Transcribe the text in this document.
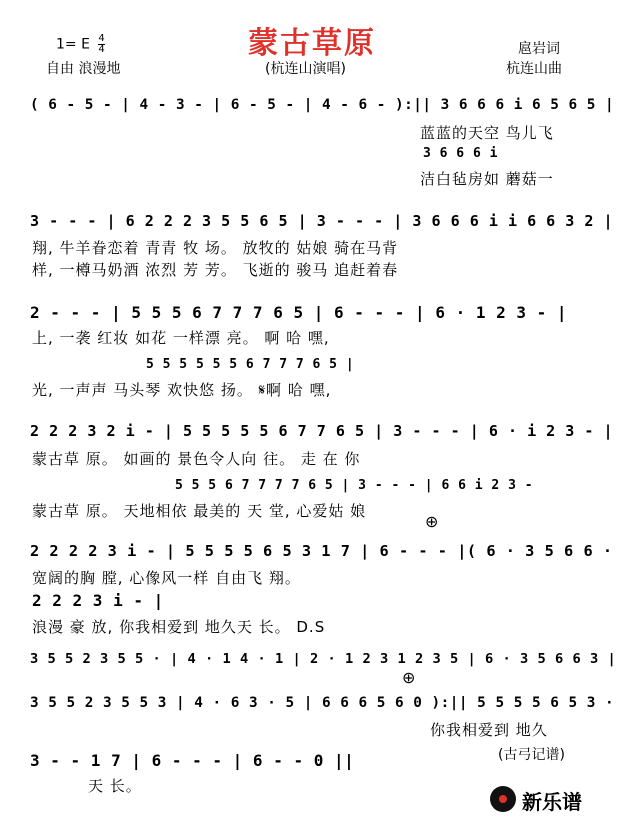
1= E $\frac{4}{4}$	蒙古草原	扈岩词
自由 浪漫地	(杭连山演唱)	杭连山曲
( 6 - 5 - | 4 - 3 - | 6 - 5 - | 4 - 6 - ):|| 3 6 6 6 i 6 5 6 5 |
蓝蓝的天空 鸟儿飞
3 6 6 6 i
洁白毡房如 蘑菇一
3 - - - | 6 2 2 2 3 5 5 6 5 | 3 - - - | 3 6 6 6 i i 6 6 3 2 |
翔, 牛羊眷恋着 青青 牧 场。 放牧的 姑娘 骑在马背
样, 一樽马奶酒 浓烈 芳 芳。 飞逝的 骏马 追赶着春
2 - - - | 5 5 5 6 7 7 7 6 5 | 6 - - - | 6 · 1 2 3 - |
上, 一袭 红妆 如花 一样漂 亮。 啊 哈 嘿,
5 5 5 5 5 5 6 7 7 7 6 5 |
光, 一声声 马头琴 欢快悠 扬。 𝄋啊 哈 嘿,
2 2 2 3 2 i - | 5 5 5 5 5 6 7 7 6 5 | 3 - - - | 6 · i 2 3 - |
蒙古草 原。 如画的 景色令人向 往。 走 在 你
5 5 5 6 7 7 7 7 6 5 | 3 - - - | 6 6 i 2 3 -
蒙古草 原。 天地相依 最美的 天 堂, 心爱姑 娘
2 2 2 2 3 i - | 5 5 5 5 6 5 3 1 7 | 6 - - - |( 6 · 3 5 6 6 ·
宽阔的胸 膛, 心像风一样 自由飞 翔。
2 2 2 3 i - |
浪漫 豪 放, 你我相爱到 地久天 长。 D.S
3 5 5 2 3 5 5 · | 4 · 1 4 · 1 | 2 · 1 2 3 1 2 3 5 | 6 · 3 5 6 6 3 |
3 5 5 2 3 5 5 3 | 4 · 6 3 · 5 | 6 6 6 5 6 0 ):|| 5 5 5 5 6 5 3 ·
你我相爱到 地久
3 - - 1 7 | 6 - - - | 6 - - 0 ||
天 长。
⊕
⊕
(古弓记谱)
新乐谱
